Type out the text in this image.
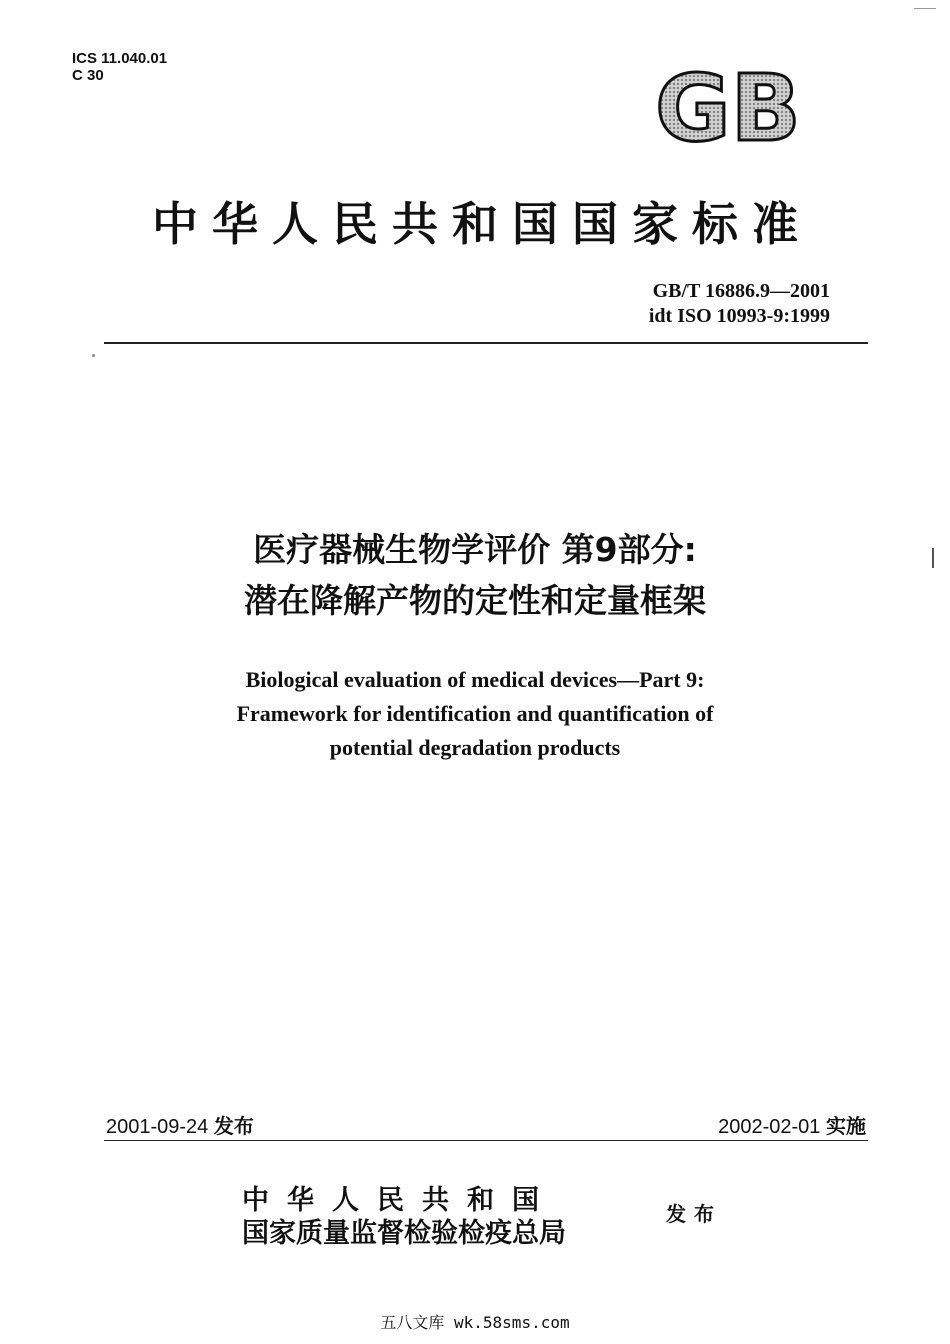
ICS 11.040.01
C 30	GB
中华人民共和国国家标准
GB/T 16886.9—2001
idt ISO 10993-9:1999
医疗器械生物学评价 第9部分:
潜在降解产物的定性和定量框架
Biological evaluation of medical devices—Part 9:
Framework for identification and quantification of
potential degradation products
2001-09-24 发布	2002-02-01 实施
中华人民共和国
国家质量监督检验检疫总局
发布
五八文库 wk.58sms.com
